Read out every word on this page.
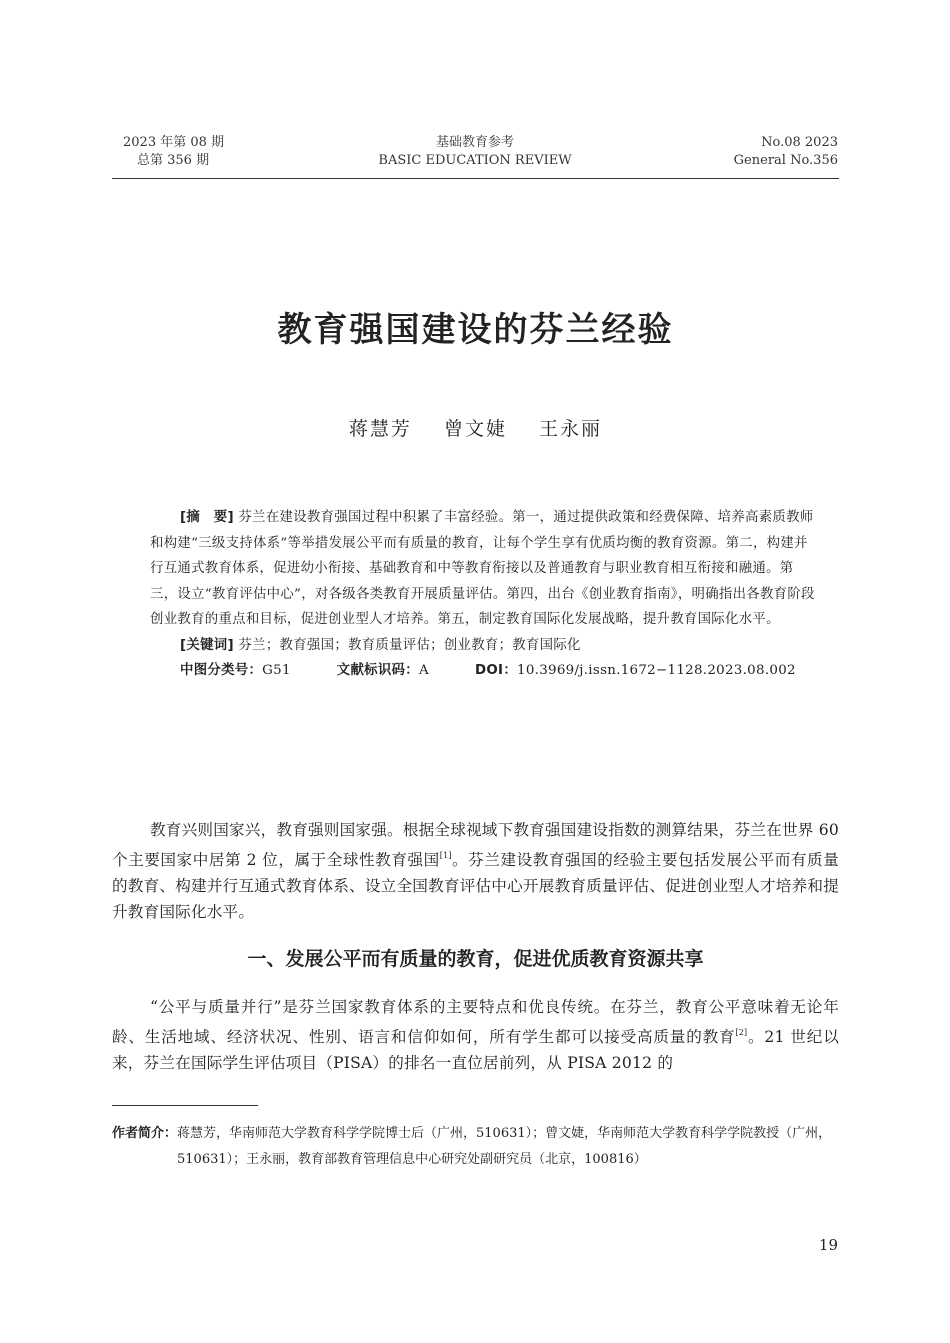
2023 年第 08 期
总第 356 期
基础教育参考
BASIC EDUCATION REVIEW
No.08 2023
General No.356
教育强国建设的芬兰经验
蒋慧芳 曾文婕 王永丽

[摘　要] 芬兰在建设教育强国过程中积累了丰富经验。第一，通过提供政策和经费保障、培养高素质教师和构建“三级支持体系”等举措发展公平而有质量的教育，让每个学生享有优质均衡的教育资源。第二，构建并行互通式教育体系，促进幼小衔接、基础教育和中等教育衔接以及普通教育与职业教育相互衔接和融通。第三，设立“教育评估中心”，对各级各类教育开展质量评估。第四，出台《创业教育指南》，明确指出各教育阶段创业教育的重点和目标，促进创业型人才培养。第五，制定教育国际化发展战略，提升教育国际化水平。

[关键词] 芬兰；教育强国；教育质量评估；创业教育；教育国际化

中图分类号：G51	文献标识码：A	DOI：10.3969/j.issn.1672−1128.2023.08.002

教育兴则国家兴，教育强则国家强。根据全球视域下教育强国建设指数的测算结果，芬兰在世界 60 个主要国家中居第 2 位，属于全球性教育强国[1]。芬兰建设教育强国的经验主要包括发展公平而有质量的教育、构建并行互通式教育体系、设立全国教育评估中心开展教育质量评估、促进创业型人才培养和提升教育国际化水平。

一、发展公平而有质量的教育，促进优质教育资源共享

“公平与质量并行”是芬兰国家教育体系的主要特点和优良传统。在芬兰，教育公平意味着无论年龄、生活地域、经济状况、性别、语言和信仰如何，所有学生都可以接受高质量的教育[2]。21 世纪以来，芬兰在国际学生评估项目（PISA）的排名一直位居前列，从 PISA 2012 的

作者简介： 蒋慧芳，华南师范大学教育科学学院博士后（广州，510631）；曾文婕，华南师范大学教育科学学院教授（广州，510631）；王永丽，教育部教育管理信息中心研究处副研究员（北京，100816）
19
